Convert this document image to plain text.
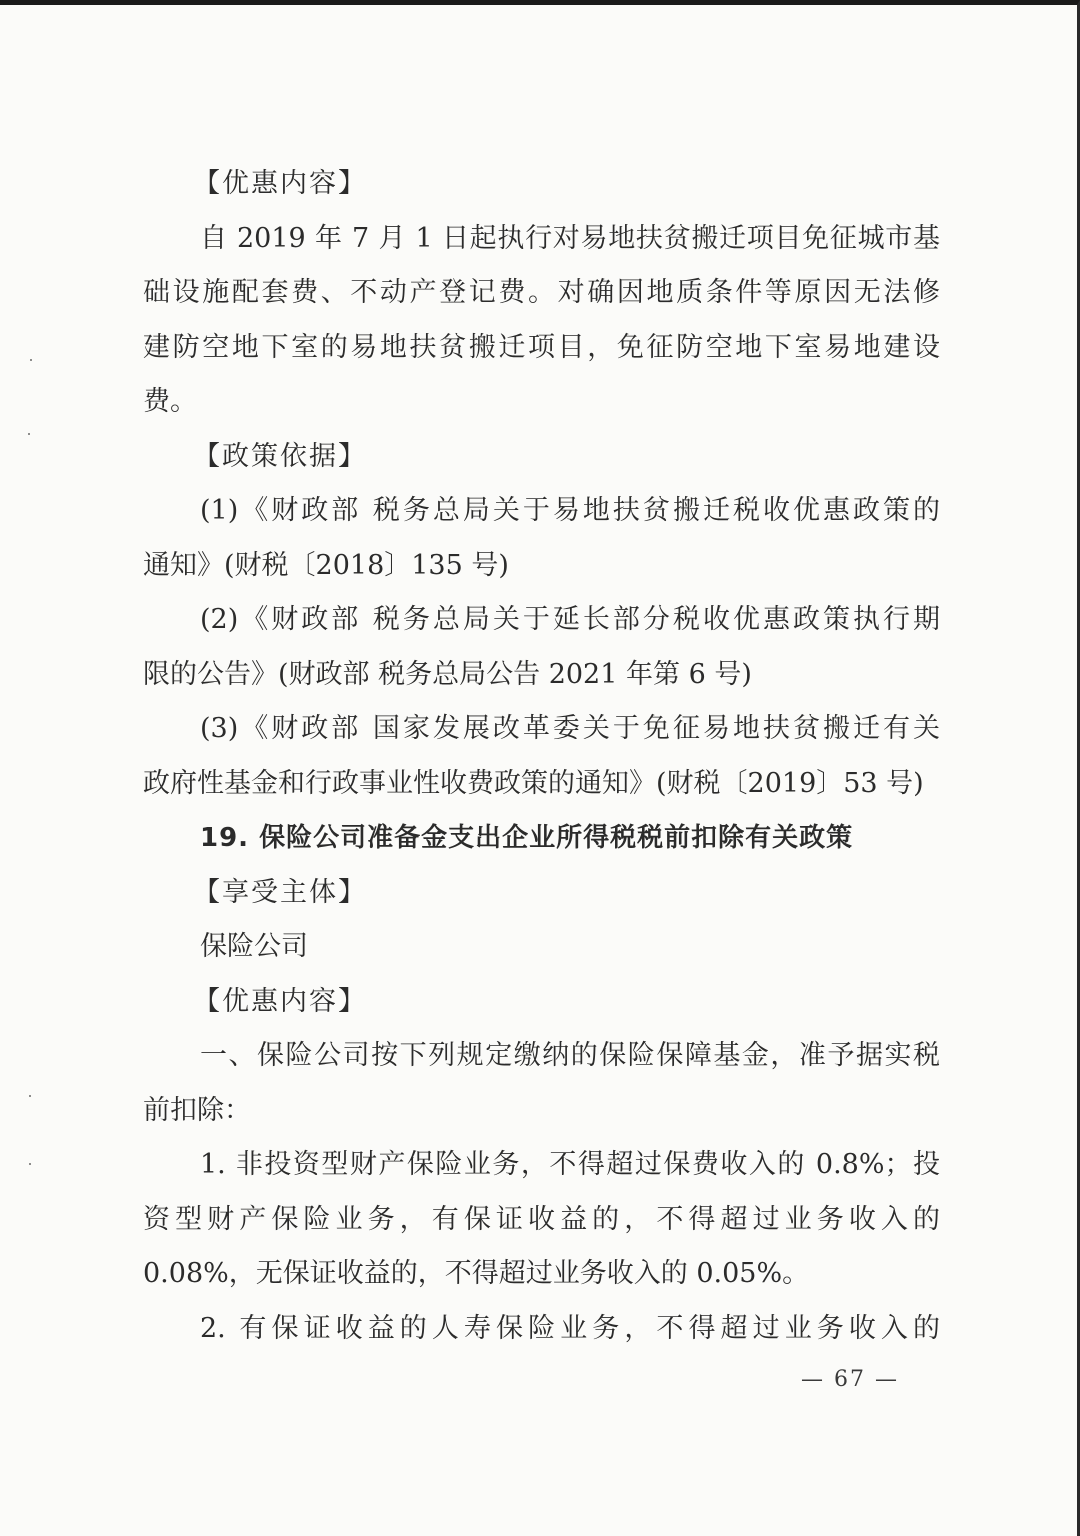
【优惠内容】
自 2019 年 7 月 1 日起执行对易地扶贫搬迁项目免征城市基
础设施配套费、不动产登记费。对确因地质条件等原因无法修
建防空地下室的易地扶贫搬迁项目，免征防空地下室易地建设
费。
【政策依据】
(1)《财政部 税务总局关于易地扶贫搬迁税收优惠政策的
通知》(财税〔2018〕135 号)
(2)《财政部 税务总局关于延长部分税收优惠政策执行期
限的公告》(财政部 税务总局公告 2021 年第 6 号)
(3)《财政部 国家发展改革委关于免征易地扶贫搬迁有关
政府性基金和行政事业性收费政策的通知》(财税〔2019〕53 号)
19. 保险公司准备金支出企业所得税税前扣除有关政策
【享受主体】
保险公司
【优惠内容】
一、保险公司按下列规定缴纳的保险保障基金，准予据实税
前扣除：
1. 非投资型财产保险业务，不得超过保费收入的 0.8%；投
资型财产保险业务，有保证收益的，不得超过业务收入的
0.08%，无保证收益的，不得超过业务收入的 0.05%。
2. 有保证收益的人寿保险业务，不得超过业务收入的
— 67 —
